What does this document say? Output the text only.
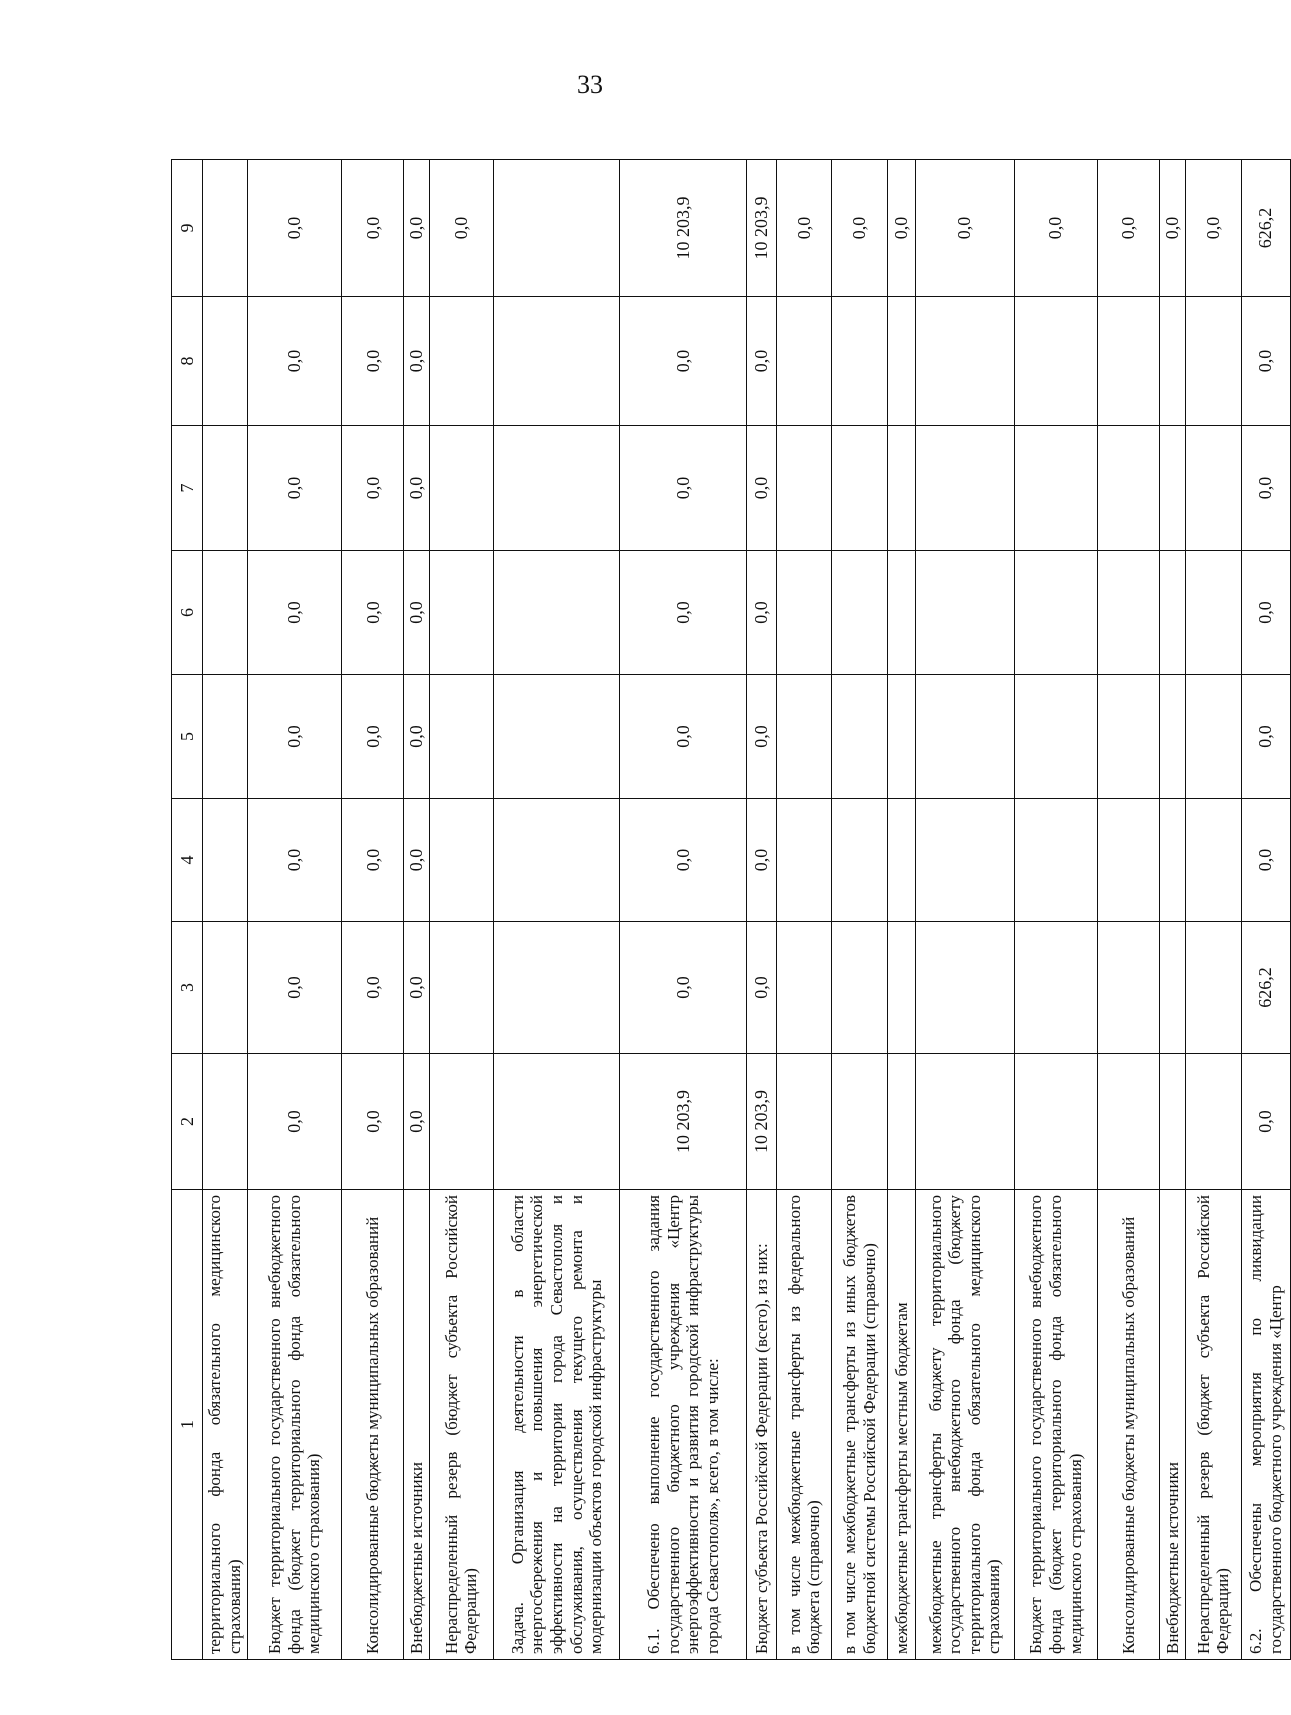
33
1	2	3	4	5	6	7	8	9
территориального фонда обязательного медицинского страхования)								
Бюджет территориального государственного внебюджетного фонда (бюджет территориального фонда обязательного медицинского страхования)	0,0	0,0	0,0	0,0	0,0	0,0	0,0	0,0
Консолидированные бюджеты муниципальных образований	0,0	0,0	0,0	0,0	0,0	0,0	0,0	0,0
Внебюджетные источники	0,0	0,0	0,0	0,0	0,0	0,0	0,0	0,0
Нераспределенный резерв (бюджет субъекта Российской Федерации)								0,0
Задача. Организация деятельности в области энергосбережения и повышения энергетической эффективности на территории города Севастополя и обслуживания, осуществления текущего ремонта и модернизации объектов городской инфраструктуры								
6.1. Обеспечено выполнение государственного задания государственного бюджетного учреждения «Центр энергоэффективности и развития городской инфраструктуры города Севастополя», всего, в том числе:	10 203,9	0,0	0,0	0,0	0,0	0,0	0,0	10 203,9
Бюджет субъекта Российской Федерации (всего), из них:	10 203,9	0,0	0,0	0,0	0,0	0,0	0,0	10 203,9
в том числе межбюджетные трансферты из федерального бюджета (справочно)								0,0
в том числе межбюджетные трансферты из иных бюджетов бюджетной системы Российской Федерации (справочно)								0,0
межбюджетные трансферты местным бюджетам								0,0
межбюджетные трансферты бюджету территориального государственного внебюджетного фонда (бюджету территориального фонда обязательного медицинского страхования)								0,0
Бюджет территориального государственного внебюджетного фонда (бюджет территориального фонда обязательного медицинского страхования)								0,0
Консолидированные бюджеты муниципальных образований								0,0
Внебюджетные источники								0,0
Нераспределенный резерв (бюджет субъекта Российской Федерации)								0,0
6.2. Обеспечены мероприятия по ликвидации государственного бюджетного учреждения «Центр	0,0	626,2	0,0	0,0	0,0	0,0	0,0	626,2
